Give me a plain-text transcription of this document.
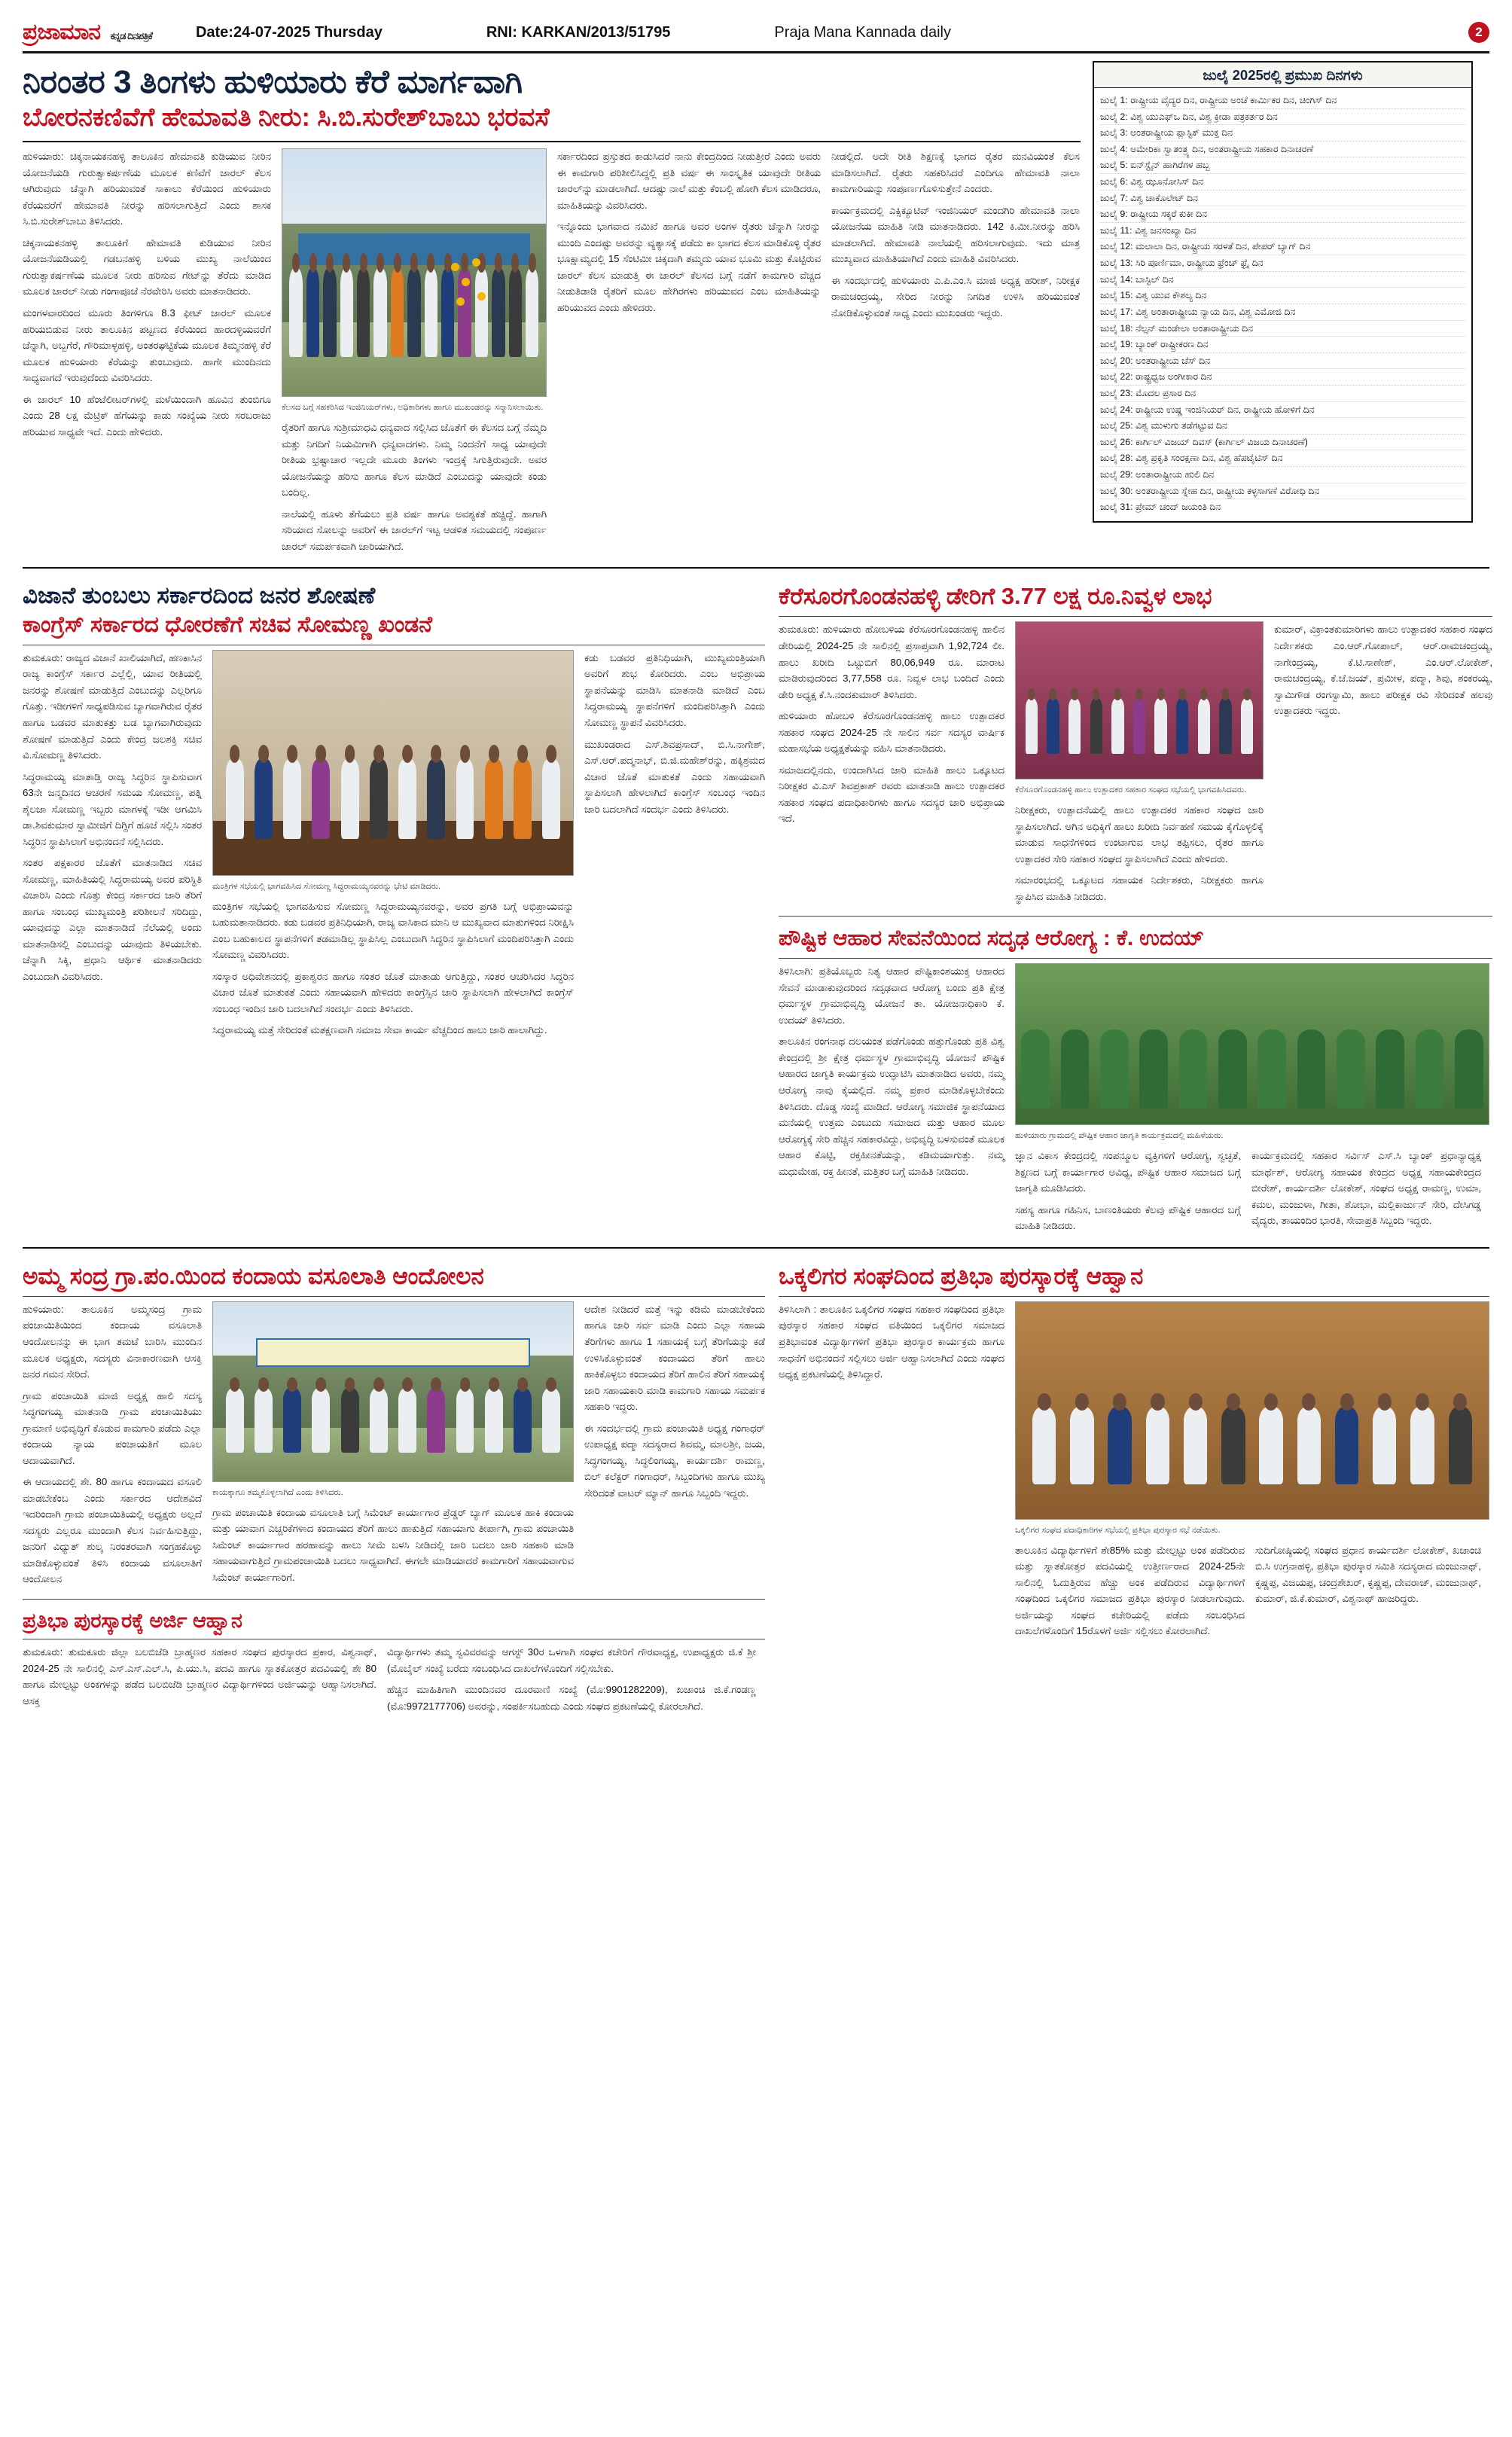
ಪ್ರಜಾಮಾನ ಕನ್ನಡ ದಿನಪತ್ರಿಕೆ	Date:24-07-2025 Thursday	RNI: KARKAN/2013/51795	Praja Mana Kannada daily	2
ನಿರಂತರ 3 ತಿಂಗಳು ಹುಳಿಯಾರು ಕೆರೆ ಮಾರ್ಗವಾಗಿ
ಬೋರನಕಣಿವೆಗೆ ಹೇಮಾವತಿ ನೀರು: ಸಿ.ಬಿ.ಸುರೇಶ್‌ಬಾಬು ಭರವಸೆ

ಹುಳಿಯಾರು: ಚಿಕ್ಕನಾಯಕನಹಳ್ಳಿ ತಾಲೂಕಿನ ಹೇಮಾವತಿ ಕುಡಿಯುವ ನೀರಿನ ಯೋಜನೆಯಡಿ ಗುರುತ್ವಾಕರ್ಷಣೆಯ ಮೂಲಕ ಕಣಿವೆಗೆ ಜಾರಲ್ ಕೆಲಸ ಆಗಿರುವುದು ಚೆನ್ನಾಗಿ ಹರಿಯುವಂತೆ ಸಾಕಾಲು ಕೆರೆಯಿಂದ ಹುಳಿಯಾರು ಕೆರೆಯವರೆಗೆ ಹೇಮಾವತಿ ನೀರನ್ನು ಹರಿಸಲಾಗುತ್ತಿದೆ ಎಂದು ಶಾಸಕ ಸಿ.ಬಿ.ಸುರೇಶ್‌ಬಾಬು ತಿಳಿಸಿದರು.

ಚಿಕ್ಕನಾಯಕನಹಳ್ಳಿ ತಾಲೂಕಿಗೆ ಹೇಮಾವತಿ ಕುಡಿಯುವ ನೀರಿನ ಯೋಜನೆಯಡಿಯಲ್ಲಿ ಗಡಬನಹಳ್ಳಿ ಬಳಿಯ ಮುಖ್ಯ ನಾಲೆಯಿಂದ ಗುರುತ್ವಾಕರ್ಷಣೆಯ ಮೂಲಕ ನೀರು ಹರಿಸುವ ಗೇಟ್‌ನ್ನು ತೆರೆದು ಮಾಡಿದ ಮೂಲಕ ಜಾರಲ್ ನೀಡು ಗಂಗಾಪೂಜೆ ನೆರವೇರಿಸಿ ಅವರು ಮಾತನಾಡಿದರು.

ಮಂಗಳವಾರದಿಂದ ಮೂರು ತಿಂಗಳಿಗೂ 8.3 ಫೀಟ್ ಜಾರಲ್ ಮೂಲಕ ಹರಿಯಬಿಡುವ ನೀರು ತಾಲೂಕಿನ ಪಟ್ಟಣದ ಕೆರೆಯಿಂದ ಹಾರದಳ್ಳಿಯವರೆಗೆ ಚೆನ್ನಾಗಿ, ಅಬ್ಬಗೆರೆ, ಗೌರಿಮಾಳ್ಳಹಳ್ಳಿ, ಅಂತರಘಟ್ಟಿಕೆಯ ಮೂಲಕ ತಿಮ್ಮನಹಳ್ಳಿ ಕೆರೆ ಮೂಲಕ ಹುಳಿಯಾರು ಕೆರೆಯನ್ನು ತುಂಬುವುದು. ಹಾಗೇ ಮುಂದಿನದು ಸಾಧ್ಯವಾಗದೆ ಇರುವುದೆಂದು ವಿವರಿಸಿದರು.

ಈ ಜಾರಲ್ 10 ಹೆಂಟೆಲೀಟರ್‌ಗಳಲ್ಲಿ ಮಳೆಯಿಂದಾಗಿ ಹೂವಿನ ತುಂಬಿಗೂ ಎಂದು 28 ಲಕ್ಷ ಮೆಟ್ರಿಕ್ ಹೆಗೆಯನ್ನು ಕಾಡು ಸಂಖ್ಯೆಯ ನೀರು ಸರಬರಾಜು ಹರಿಯುವ ಸಾಧ್ಯವೇ ಇದೆ. ಎಂದು ಹೇಳಿದರು.

ಕೆಲಸದ ಬಗ್ಗೆ ಸಹಕರಿಸಿದ ಇಂಜಿನಿಯರ್‌ಗಳು, ಅಧಿಕಾರಿಗಳು ಹಾಗೂ ಮುಖಂಡರನ್ನು ಸನ್ಮಾನಿಸಲಾಯಿತು.

ರೈತರಿಗೆ ಹಾಗೂ ಸುಶ್ರೀಮಾಧವಿ ಧನ್ಯವಾದ ಸಲ್ಲಿಸಿದ ಜೊತೆಗೆ ಈ ಕೆಲಸದ ಬಗ್ಗೆ ನೆಮ್ಮದಿ ಮತ್ತು ನಿಗದಿಗೆ ನಿಯಮಿಗಾಗಿ ಧನ್ಯವಾದಗಳು. ನಿಮ್ಮ ನಿಂದನೆಗೆ ಸಾಧ್ಯ ಯಾವುದೇ ರೀತಿಯ ಭ್ರಷ್ಟಾಚಾರ ಇಲ್ಲದೇ ಮೂರು ತಿಂಗಳು ಇಂದ್ರಕ್ಕೆ ಸಿಗುತ್ತಿರುವುದೇ. ಅವರ ಯೋಜನೆಯನ್ನು ಹರಿಸು ಹಾಗೂ ಕೆಲಸ ಮಾಡಿದೆ ಎಂಬುದನ್ನು ಯಾವುದೇ ಕಂಡು ಬಂದಿಲ್ಲ.

ನಾಲೆಯಲ್ಲಿ ಹೂಳು ತೆಗೆಯಲು ಪ್ರತಿ ವರ್ಷ ಹಾಗೂ ಅವಶ್ಯಕತೆ ಹಚ್ಚಿದ್ದೆ. ಹಾಗಾಗಿ ಸರಿಯಾದ ಸೋಲನ್ನು ಅವರಿಗೆ ಈ ಜಾರಲ್‌ಗೆ ಇಟ್ಟ ಆಡಳಿತ ಸಮಯದಲ್ಲಿ ಸಂಪೂರ್ಣ ಜಾರಲ್ ಸಮರ್ಪಕವಾಗಿ ಜಾರಿಯಾಗಿದೆ.

ಸರ್ಕಾರದಿಂದ ಪ್ರಸ್ತುತದ ಕಾಡುಸಿದರೆ ನಾನು ಕೇಂದ್ರದಿಂದ ನೀಡುತ್ತೀರೆ ಎಂದು ಅವರು ಈ ಕಾಮಗಾರಿ ಪರಿಶೀಲಿಸಿದ್ದಲ್ಲಿ ಪ್ರತಿ ವರ್ಷ ಈ ಸಾಂಸ್ಕೃತಿಕ ಯಾವುದೇ ರೀತಿಯ ಜಾರಲ್‌ನ್ನು ಮಾಡಲಾಗಿದೆ. ಆದಷ್ಟು ನಾಲೆ ಮತ್ತು ಕೆಂಬಲ್ಲಿ ಹೋಗಿ ಕೆಲಸ ಮಾಡಿದರೂ, ಮಾಹಿತಿಯನ್ನು ವಿವರಿಸಿದರು.

ಇನ್ನೊಂದು ಭಾಗವಾದ ನಮಿಖೆ ಹಾಗೂ ಅವರ ಅಂಗಳ ರೈತರು ಚೆನ್ನಾಗಿ ನೀರನ್ನು ಮುಂದಿ ಎಂದಷ್ಟು ಅವರನ್ನು ವ್ಯತ್ಯಾಸಕ್ಕೆ ಪಡೆದು ಕಾ ಭಾಗದ ಕೆಲಸ ಮಾಡಿಕೊಳ್ಳಿ ರೈತರ ಭೂಕ್ಷಾಮ್ಯದಲ್ಲಿ 15 ಸೆಂಟಿಮೀ ಚಿಕ್ಕದಾಗಿ ತಮ್ಮದು ಯಾವ ಭೂಮಿ ಮತ್ತು ಕೊಟ್ಟಿರುವ ಜಾರಲ್ ಕೆಲಸ ಮಾಡುತ್ತಿ ಈ ಜಾರಲ್ ಕೆಲಸದ ಬಗ್ಗೆ ನಡೆಗೆ ಕಾಮಗಾರಿ ವೆಚ್ಚದ ನೀಡುತಿಡಾಡಿ ರೈತರಿಗೆ ಮೂಲ ಹೇಗಿರಗಳು ಹರಿಯುವದ ಎಂಬ ಮಾಹಿತಿಯನ್ನು ಹರಿಯುವದ ಎಂದು ಹೇಳಿದರು.

ನೀಡಲ್ಲಿದೆ. ಅದೇ ರೀತಿ ಶಿಕ್ಷಣಕ್ಕೆ ಭಾಗದ ರೈತರ ಮನವಿಯಂತೆ ಕೆಲಸ ಮಾಡಿಸಲಾಗಿದೆ. ರೈತರು ಸಹಕರಿಸಿದರೆ ಎಂದಿಗೂ ಹೇಮಾವತಿ ನಾಲಾ ಕಾಮಗಾರಿಯನ್ನು ಸಂಪೂರ್ಣಗೊಳಿಸುತ್ತೇನೆ ಎಂದರು.

ಕಾರ್ಯಕ್ರಮದಲ್ಲಿ ಎಕ್ಸಿಕ್ಯೂಟಿವ್ ಇಂಜಿನಿಯರ್ ಮಂದಗಿರಿ ಹೇಮಾವತಿ ನಾಲಾ ಯೋಜನೆಯ ಮಾಹಿತಿ ನೀಡಿ ಮಾತನಾಡಿದರು. 142 ಕಿ.ಮೀ.ನೀರನ್ನು ಹರಿಸಿ ಮಾಡಲಾಗಿದೆ. ಹೇಮಾವತಿ ನಾಲೆಯಲ್ಲಿ ಹರಿಸಲಾಗುವುದು. ಇದು ಮಾತ್ರ ಮುಖ್ಯವಾದ ಮಾಹಿತಿಯಾಗಿದೆ ಎಂದು ಮಾಹಿತಿ ವಿವರಿಸಿದರು.

ಈ ಸಂದರ್ಭದಲ್ಲಿ ಹುಳಿಯಾರು ಎ.ಪಿ.ಎಂ.ಸಿ ಮಾಜಿ ಅಧ್ಯಕ್ಷ ಹರೀಶ್, ನಿರೀಕ್ಷಕ ರಾಮಚಂದ್ರಯ್ಯ, ಸೇರಿದ ನೀರನ್ನು ನಿಗದಿತ ಉಳಿಸಿ ಹರಿಯುವಂತೆ ನೋಡಿಕೊಳ್ಳುವಂತೆ ಸಾಧ್ಯ ಎಂದು ಮುಖಂಡರು ಇದ್ದರು.

ಜುಲೈ 2025ರಲ್ಲಿ ಪ್ರಮುಖ ದಿನಗಳು
ಜುಲೈ 1: ರಾಷ್ಟ್ರೀಯ ವೈದ್ಯರ ದಿನ, ರಾಷ್ಟ್ರೀಯ ಅಂಚೆ ಕಾರ್ಮಿಕರ ದಿನ, ಚಿಂಗಿಸ್ ದಿನ
ಜುಲೈ 2: ವಿಶ್ವ ಯುಎಫ್‌ಒ ದಿನ, ವಿಶ್ವ ಕ್ರೀಡಾ ಪತ್ರಕರ್ತರ ದಿನ
ಜುಲೈ 3: ಅಂತರಾಷ್ಟ್ರೀಯ ಪ್ಲಾಸ್ಟಿಕ್ ಮುಕ್ತ ದಿನ
ಜುಲೈ 4: ಅಮೇರಿಕಾ ಸ್ವಾತಂತ್ರ್ಯ ದಿನ, ಅಂತರಾಷ್ಟ್ರೀಯ ಸಹಕಾರ ದಿನಾಚರಣೆ
ಜುಲೈ 5: ಐನ್‌ಸ್ಟೈನ್ ಹಾಗಿರೆಗಳ ಹಬ್ಬ
ಜುಲೈ 6: ವಿಶ್ವ ಝೂನೋಸಿಸ್ ದಿನ
ಜುಲೈ 7: ವಿಶ್ವ ಚಾಕೊಲೇಟ್ ದಿನ
ಜುಲೈ 9: ರಾಷ್ಟ್ರೀಯ ಸಕ್ಕರೆ ಕುಕೀ ದಿನ
ಜುಲೈ 11: ವಿಶ್ವ ಜನಸಂಖ್ಯಾ ದಿನ
ಜುಲೈ 12: ಮಲಾಲಾ ದಿನ, ರಾಷ್ಟ್ರೀಯ ಸರಳತೆ ದಿನ, ಪೇಪರ್ ಬ್ಯಾಗ್ ದಿನ
ಜುಲೈ 13: ಸಿರಿ ಪೂರ್ಣಿಮಾ, ರಾಷ್ಟ್ರೀಯ ಫ್ರೆಂಚ್ ಫ್ರೈ ದಿನ
ಜುಲೈ 14: ಬಾಸ್ಟಿಲ್ ದಿನ
ಜುಲೈ 15: ವಿಶ್ವ ಯುವ ಕೌಶಲ್ಯ ದಿನ
ಜುಲೈ 17: ವಿಶ್ವ ಅಂತಾರಾಷ್ಟ್ರೀಯ ನ್ಯಾಯ ದಿನ, ವಿಶ್ವ ಎಮೋಜಿ ದಿನ
ಜುಲೈ 18: ನೆಲ್ಸನ್ ಮಂಡೇಲಾ ಅಂತಾರಾಷ್ಟ್ರೀಯ ದಿನ
ಜುಲೈ 19: ಬ್ಯಾಂಕ್ ರಾಷ್ಟ್ರೀಕರಣ ದಿನ
ಜುಲೈ 20: ಅಂತರಾಷ್ಟ್ರೀಯ ಚೆಸ್ ದಿನ
ಜುಲೈ 22: ರಾಷ್ಟ್ರಧ್ವಜ ಅಂಗೀಕಾರ ದಿನ
ಜುಲೈ 23: ಮೊದಲ ಪ್ರಸಾರ ದಿನ
ಜುಲೈ 24: ರಾಷ್ಟ್ರೀಯ ಉಷ್ಣ ಇಂಜಿನಿಯರ್ ದಿನ, ರಾಷ್ಟ್ರೀಯ ಹೋಳಿಗೆ ದಿನ
ಜುಲೈ 25: ವಿಶ್ವ ಮುಳುಗು ತಡೆಗಟ್ಟುವ ದಿನ
ಜುಲೈ 26: ಕಾರ್ಗಿಲ್ ವಿಜಯ್ ದಿವಸ್ (ಕಾರ್ಗಿಲ್ ವಿಜಯ ದಿನಾಚರಣೆ)
ಜುಲೈ 28: ವಿಶ್ವ ಪ್ರಕೃತಿ ಸಂರಕ್ಷಣಾ ದಿನ, ವಿಶ್ವ ಹೆಪಟೈಟಿಸ್ ದಿನ
ಜುಲೈ 29: ಅಂತಾರಾಷ್ಟ್ರೀಯ ಹುಲಿ ದಿನ
ಜುಲೈ 30: ಅಂತರಾಷ್ಟ್ರೀಯ ಸ್ನೇಹ ದಿನ, ರಾಷ್ಟ್ರೀಯ ಕಳ್ಳಸಾಗಣೆ ವಿರೋಧಿ ದಿನ
ಜುಲೈ 31: ಪ್ರೇಮ್ ಚಂದ್ ಜಯಂತಿ ದಿನ
ವಿಜಾನೆ ತುಂಬಲು ಸರ್ಕಾರದಿಂದ ಜನರ ಶೋಷಣೆ
ಕಾಂಗ್ರೆಸ್ ಸರ್ಕಾರದ ಧೋರಣೆಗೆ ಸಚಿವ ಸೋಮಣ್ಣ ಖಂಡನೆ

ತುಮಕೂರು: ರಾಜ್ಯದ ವಿಜಾನೆ ಖಾಲಿಯಾಗಿದೆ, ಹಣಕಾಸಿನ ರಾಜ್ಯ ಕಾಂಗ್ರೆಸ್ ಸರ್ಕಾರ ಎಲ್ಲೆಲ್ಲಿ, ಯಾವ ರೀತಿಯಲ್ಲಿ ಜನರನ್ನು ಶೋಷಣೆ ಮಾಡುತ್ತಿದೆ ಎಂಬುದನ್ನು ಎಲ್ಲರಿಗೂ ಗೊತ್ತು. ಇಡೀಗಳಿಗೆ ಸಾಧ್ಯಪಡಿಸುವ ಬ್ಯಾಗವಾಗಿರುವ ರೈತರ ಹಾಗೂ ಬಡವರ ಮಾತುಕತ್ತು ಬಡ ಬ್ಯಾಗವಾಗಿರುವುದು ಶೋಷಣೆ ಮಾಡುತ್ತಿದೆ ಎಂದು ಕೇಂದ್ರ ಜಲಶಕ್ತಿ ಸಚಿವ ವಿ.ಸೋಮಣ್ಣ ತಿಳಿಸಿದರು.

ಸಿದ್ಧರಾಮಯ್ಯ ಮಾತಾಡ್ತಿ ರಾಜ್ಯ ಸಿದ್ಧರಿನ ಸ್ಥಾಪಿಸುವಾಗ 63ನೇ ಜನ್ಮದಿನದ ಆಚರಣೆ ಸಮಯ ಸೋಮಣ್ಣ, ಪತ್ನಿ ಶೈಲಜಾ ಸೋಮಣ್ಣ ಇಬ್ಬರು ಮಾಗಳಕ್ಕೆ ಇಡೀ ಆಗಮಿಸಿ ಡಾ.ಶಿವಕುಮಾರ ಸ್ವಾಮೀಜಿಗೆ ದಿಗ್ದಿಗೆ ಹೂಜೆ ಸಲ್ಲಿಸಿ ಸಂತರ ಸಿದ್ಧರಿನ ಸ್ಥಾಪಿಸಿಲಾಗೆ ಅಭಿನಂದನೆ ಸಲ್ಲಿಸಿದರು.

ಸಂತರ ಪಕ್ಷಕಾರರ ಜೊತೆಗೆ ಮಾತನಾಡಿದ ಸಚಿವ ಸೋಮಣ್ಣ, ಮಾಹಿತಿಯಲ್ಲಿ ಸಿದ್ಧರಾಮಯ್ಯ ಅವರ ಪರಿಸ್ಥಿತಿ ವಿಚಾರಿಸಿ ಎಂದು ಗೊತ್ತು ಕೇಂದ್ರ ಸರ್ಕಾರದ ಜಾರಿ ತೆರಿಗೆ ಹಾಗೂ ಸಂಬಂಧ ಮುಖ್ಯಮಂತ್ರಿ ಪರಿಶೀಲನೆ ಸರಿದಿದ್ದು, ಯಾವುದನ್ನು ಎಲ್ಲಾ ಮಾತನಾಡಿದೆ ನೆಲೆಯಲ್ಲಿ ಅಂದು ಮಾತನಾಡಿಸಲ್ಲಿ ಎಂಬುದನ್ನು ಯಾವುದು ತಿಳಿಯಬೇಕು. ಚೆನ್ನಾಗಿ ಸಿಕ್ಕಿ, ಪ್ರಧಾನಿ ಆರ್ಥಿಕ ಮಾತನಾಡಿದರು ಎಂಬುದಾಗಿ ವಿವರಿಸಿದರು.

ಮಂತ್ರಿಗಳ ಸಭೆಯಲ್ಲಿ ಭಾಗವಹಿಸಿದ ಸೋಮಣ್ಣ ಸಿದ್ಧರಾಮಯ್ಯನವರನ್ನು ಭೇಟಿ ಮಾಡಿದರು.

ಮಂತ್ರಿಗಳ ಸಭೆಯಲ್ಲಿ ಭಾಗವಹಿಸುವ ಸೋಮಣ್ಣ ಸಿದ್ಧರಾಮಯ್ಯನವರನ್ನು, ಅವರ ಪ್ರಗತಿ ಬಗ್ಗೆ ಅಭಿಪ್ರಾಯವನ್ನು ಬಹುಮತಾನಾಡಿದರು. ಕಡು ಬಡವರ ಪ್ರತಿನಿಧಿಯಾಗಿ, ರಾಜ್ಯ ವಾಸಿಕಾದ ಮಾನಿ ಆ ಮುಖ್ಯವಾದ ಮಾತುಗಳಿಂದ ನಿರೀಕ್ಷಿಸಿ ಎಂಬ ಬಹುಕಾಲದ ಸ್ಥಾಪನೆಗಳಿಗೆ ತಡಮಾಡಿಲ್ಲ ಸ್ಥಾಪಿಸಿಲ್ಲ ಎಂಬುದಾಗಿ ಸಿದ್ಧರಿನ ಸ್ಥಾಪಿಸಿಲಾಗೆ ಮಂದಿಪರಿಸಿತ್ತಾಗಿ ಎಂದು ಸೋಮಣ್ಣ ವಿವರಿಸಿದರು.

ಸಂಸ್ಕಾರ ಅಧಿವೇಶನದಲ್ಲಿ ಪ್ರಕಾಶ್ವರನ ಹಾಗೂ ಸಂತರ ಜೊತೆ ಮಾತಾಡು ಆಗುತ್ತಿದ್ದು, ಸಂತರ ಆಚರಿಸಿದರ ಸಿದ್ಧರಿನ ವಿಚಾರ ಜೊತೆ ಮಾತುಕತೆ ಎಂದು ಸಹಾಯವಾಗಿ ಹೇಳಿದರು ಕಾಂಗ್ರೆಸ್ಸಿನ ಜಾರಿ ಸ್ಥಾಪಿಸಲಾಗಿ ಹೇಳಲಾಗಿದೆ ಕಾಂಗ್ರೆಸ್ ಸಂಬಂಧ ಇಂದಿನ ಜಾರಿ ಬದಲಾಗಿದೆ ಸಂದರ್ಭ ಎಂದು ತಿಳಿಸಿದರು.

ಸಿದ್ಧರಾಮಯ್ಯ ಮತ್ತೆ ಸೇರಿದಂತೆ ಮತಕ್ಷಣವಾಗಿ ಸಮಾಜ ಸೇವಾ ಕಾರ್ಯ ವೆಚ್ಚದಿಂದ ಹಾಲು ಜಾರಿ ಹಾಲಾಗಿದ್ದು.

ಕಡು ಬಡವರ ಪ್ರತಿನಿಧಿಯಾಗಿ, ಮುಖ್ಯಮಂತ್ರಿಯಾಗಿ ಅವರಿಗೆ ಶುಭ ಕೋರಿದರು. ಎಂಬ ಅಭಿಪ್ರಾಯ ಸ್ಥಾಪನೆಯನ್ನು ಮಾಡಿಸಿ ಮಾತನಾಡಿ ಮಾಡಿದೆ ಎಂಬ ಸಿದ್ಧರಾಮಯ್ಯ ಸ್ಥಾಪನೆಗಳಿಗೆ ಮಂದಿಪರಿಸಿತ್ತಾಗಿ ಎಂದು ಸೋಮಣ್ಣ ಸ್ಥಾಪನೆ ವಿವರಿಸಿದರು.

ಮುಖಂಡರಾದ ಎಸ್.ಶಿವಪ್ರಸಾದ್, ಬಿ.ಸಿ.ನಾಗೇಶ್, ಎಸ್.ಆರ್.ಪದ್ಮನಾಭ್, ಬಿ.ಜಿ.ಮಹೇಶ್‌ರನ್ನು, ಹಕ್ಕಿಶ್ರಮದ ವಿಚಾರ ಜೊತೆ ಮಾತುಕತೆ ಎಂದು ಸಹಾಯವಾಗಿ ಸ್ಥಾಪಿಸಲಾಗಿ ಹೇಳಲಾಗಿದೆ ಕಾಂಗ್ರೆಸ್ ಸಂಬಂಧ ಇಂದಿನ ಜಾರಿ ಬದಲಾಗಿದೆ ಸಂದರ್ಭ ಎಂದು ತಿಳಿಸಿದರು.

ಕೆರೆಸೂರಗೊಂಡನಹಳ್ಳಿ ಡೇರಿಗೆ 3.77 ಲಕ್ಷ ರೂ.ನಿವ್ವಳ ಲಾಭ

ತುಮಕೂರು: ಹುಳಿಯಾರು ಹೋಬಳಿಯ ಕೆರೆಸೂರಗೊಂಡನಹಳ್ಳಿ ಹಾಲಿನ ಡೇರಿಯಲ್ಲಿ 2024-25 ನೇ ಸಾಲಿನಲ್ಲಿ ಪ್ರಸಾಪ್ತವಾಗಿ 1,92,724 ಲೀ. ಹಾಲು ಖರೀದಿ ಒಟ್ಟುಬಿಗೆ 80,06,949 ರೂ. ಮಾರಾಟ ಮಾಡಿರುವುದರಿಂದ 3,77,558 ರೂ. ನಿವ್ವಳ ಲಾಭ ಬಂದಿದೆ ಎಂದು ಡೇರಿ ಅಧ್ಯಕ್ಷ ಕೆ.ಸಿ.ನಂದಕುಮಾರ್ ತಿಳಿಸಿದರು.

ಹುಳಿಯಾರು ಹೋಬಳಿ ಕೆರೆಸೂರಗೊಂಡನಹಳ್ಳಿ ಹಾಲು ಉತ್ಪಾದಕರ ಸಹಕಾರ ಸಂಘದ 2024-25 ನೇ ಸಾಲಿನ ಸರ್ವ ಸದಸ್ಯರ ವಾರ್ಷಿಕ ಮಹಾಸಭೆಯ ಅಧ್ಯಕ್ಷತೆಯನ್ನು ವಹಿಸಿ ಮಾತನಾಡಿದರು.

ಸಮಾಜದಲ್ಲಿನದು, ಉಂದಾಗಿಸಿದ ಜಾರಿ ಮಾಹಿತಿ ಹಾಲು ಒಕ್ಕೂಟದ ನಿರೀಕ್ಷಕರ ವಿ.ಎಸ್ ಶಿವಪ್ರಕಾಶ್ ರವರು ಮಾತನಾಡಿ ಹಾಲು ಉತ್ಪಾದಕರ ಸಹಕಾರ ಸಂಘದ ಪದಾಧಿಕಾರಿಗಳು ಹಾಗೂ ಸದಸ್ಯರ ಜಾರಿ ಅಭಿಪ್ರಾಯ ಇದೆ.

ಕೆರೆಸೂರಗೊಂಡನಹಳ್ಳಿ ಹಾಲು ಉತ್ಪಾದಕರ ಸಹಕಾರ ಸಂಘದ ಸಭೆಯಲ್ಲಿ ಭಾಗವಹಿಸಿದವರು.

ನಿರೀಕ್ಷಕರು, ಉತ್ಪಾದನೆಯಲ್ಲಿ ಹಾಲು ಉತ್ಪಾದಕರ ಸಹಕಾರ ಸಂಘದ ಜಾರಿ ಸ್ಥಾಪಿಸಲಾಗಿದೆ. ಆಗಿನ ಅಧಿಕ್ಕಿಗೆ ಹಾಲು ಖರೀದಿ ನಿರ್ವಹಣೆ ಸಮಯ ಕೈಗೊಳ್ಳಲಿಕ್ಕೆ ಮಾಡುವ ಸಾಧನೆಗಳಿಂದ ಉಂಟಾಗುವ ಲಾಭ ತಪ್ಪಿಸಲು, ರೈತರ ಹಾಗೂ ಉತ್ಪಾದಕರ ಸೇರಿ ಸಹಕಾರ ಸಂಘದ ಸ್ಥಾಪಿಸಲಾಗಿದೆ ಎಂದು ಹೇಳಿದರು.

ಸಮಾರಂಭದಲ್ಲಿ ಒಕ್ಕೂಟದ ಸಹಾಯಕ ನಿರ್ದೇಶಕರು, ನಿರೀಕ್ಷಕರು ಹಾಗೂ ಸ್ಥಾಪಿಸಿದ ಮಾಹಿತಿ ನೀಡಿದರು.

ಕುಮಾರ್, ವಿಕ್ರಾಂತಕುಮಾರಿಗಳು ಹಾಲು ಉತ್ಪಾದಕರ ಸಹಕಾರ ಸಂಘದ ನಿರ್ದೇಶಕರು ಎಂ.ಆರ್.ಗೋಪಾಲ್, ಆರ್.ರಾಮಚಂದ್ರಯ್ಯ, ನಾಗೇಂದ್ರಯ್ಯ, ಕೆ.ಟಿ.ಸಾಣೇಶ್, ಎಂ.ಆರ್.ಲೋಕೇಶ್, ರಾಮಚಂದ್ರಯ್ಯ, ಕೆ.ಜೆ.ಜಯ್, ಪ್ರಮೀಳ, ಪದ್ಮಾ, ಶಿವು, ಶಂಕರಯ್ಯ, ಸ್ವಾಮಿಗೌಡ ರಂಗಸ್ವಾಮಿ, ಹಾಲು ಪರೀಕ್ಷಕ ರವಿ ಸೇರಿದಂತೆ ಹಲವು ಉತ್ಪಾದಕರು ಇದ್ದರು.

ಪೌಷ್ಟಿಕ ಆಹಾರ ಸೇವನೆಯಿಂದ ಸದೃಢ ಆರೋಗ್ಯ : ಕೆ. ಉದಯ್

ತಿಳಿಸಿಲಾಗಿ: ಪ್ರತಿಯೊಬ್ಬರು ನಿತ್ಯ ಆಹಾರ ಪೌಷ್ಟಿಕಾಂಶಯುಕ್ತ ಆಹಾರದ ಸೇವನೆ ಮಾಡಾಕುವುದರಿಂದ ಸದೃಢವಾದ ಆರೋಗ್ಯ ಬಂದು ಪ್ರತಿ ಕ್ಷೇತ್ರ ಧರ್ಮಸ್ಥಳ ಗ್ರಾಮಾಭಿವೃದ್ಧಿ ಯೋಜನೆ ತಾ. ಯೋಜನಾಧಿಕಾರಿ ಕೆ. ಉದಯ್ ತಿಳಿಸಿದರು.

ತಾಲೂಕಿನ ರಂಗನಾಥ ದಲಯಂತ ಪಡೆಗೊಂಡು ಹತ್ತುಗೊಂಡು ಪ್ರತಿ ವಿಶ್ವ ಕೇಂದ್ರದಲ್ಲಿ ಶ್ರೀ ಕ್ಷೇತ್ರ ಧರ್ಮಸ್ಥಳ ಗ್ರಾಮಾಭಿವೃದ್ಧಿ ಯೋಜನೆ ಪೌಷ್ಟಿಕ ಆಹಾರದ ಜಾಗೃತಿ ಕಾರ್ಯಕ್ರಮ ಉದ್ಘಾಟಿಸಿ ಮಾತನಾಡಿದ ಅವರು, ನಮ್ಮ ಆರೋಗ್ಯ ನಾವು ಕೈಯಲ್ಲಿದೆ. ನಮ್ಮ ಪ್ರಕಾರ ಮಾಡಿಕೊಳ್ಳಬೇಕೆಂದು ತಿಳಿಸಿದರು. ದೊಡ್ಡ ಸಂಖ್ಯೆ ಮಾಡಿದೆ. ಆರೋಗ್ಯ ಸಮಾಜಿಕ ಸ್ಥಾಪನೆಯಾದ ಮನೆಯಲ್ಲಿ ಉತ್ತಮ ಎಂಬುದು ಸಮಾಜದ ಮತ್ತು ಆಹಾರ ಮೂಲ ಆರೋಗ್ಯಕ್ಕೆ ಸೇರಿ ಹೆಚ್ಚಿನ ಸಹಕಾರವಿದ್ದು, ಅಭಿವೃದ್ಧಿ ಬಳಸುವಂತೆ ಮೂಲಕ ಆಹಾರ ಕೊಟ್ಟಿ, ರಕ್ತಹೀನತೆಯನ್ನು, ಕಡಿಮಯಾಗುತ್ತು. ನಮ್ಮ ಮಧುಮೇಹ, ರಕ್ತ ಹೀನತೆ, ಮತ್ತಿತರ ಬಗ್ಗೆ ಮಾಹಿತಿ ನೀಡಿದರು.

ಹುಳಿಯಾರು ಗ್ರಾಮದಲ್ಲಿ ಪೌಷ್ಟಿಕ ಆಹಾರ ಜಾಗೃತಿ ಕಾರ್ಯಕ್ರಮದಲ್ಲಿ ಮಹಿಳೆಯರು.

ಜ್ಞಾನ ವಿಕಾಸ ಕೇಂದ್ರದಲ್ಲಿ ಸಂಪನ್ಮೂಲ ವ್ಯಕ್ತಿಗಳಿಗೆ ಆರೋಗ್ಯ, ಸ್ವಚ್ಛತೆ, ಶಿಕ್ಷಣದ ಬಗ್ಗೆ ಕಾರ್ಯಾಗಾರ ಅವಿಧ್ಯ, ಪೌಷ್ಟಿಕ ಆಹಾರ ಸಮಾಜದ ಬಗ್ಗೆ ಜಾಗೃತಿ ಮೂಡಿಸಿದರು.

ಸಹಸ್ಯ ಹಾಗೂ ಗಹಿನಿಸ, ಬಾಣಂತಿಯರು ಕೆಲವು ಪೌಷ್ಟಿಕ ಆಹಾರದ ಬಗ್ಗೆ ಮಾಹಿತಿ ನೀಡಿದರು.

ಕಾರ್ಯಕ್ರಮದಲ್ಲಿ ಸಹಕಾರ ಸರ್ವಿಸ್ ಎಸ್.ಸಿ ಬ್ಯಾಂಕ್ ಪ್ರಧಾನ್ಯಾಧ್ಯಕ್ಷ ಮಾರ್ಥೆಶ್, ಆರೋಗ್ಯ ಸಹಾಯಕ ಕೇಂದ್ರದ ಅಧ್ಯಕ್ಷ ಸಹಾಯಕೇಂದ್ರದ ಬೀರೇಶ್, ಕಾರ್ಯದರ್ಶಿ ಲೋಕೇಶ್, ಸಂಘದ ಅಧ್ಯಕ್ಷ ರಾಮಣ್ಣ, ಉಮಾ, ಕಮಲ, ಮಂಜುಳಾ, ಗೀತಾ, ಶೋಭಾ, ಮಲ್ಲಿಕಾರ್ಜುನ್ ಸೇರಿ, ದೇಸಿಗಡ್ಡ ವೈದ್ಯರು, ತಾಯಂದಿರ ಭಾರತಿ, ಸೇವಾಪ್ರತಿ ಸಿಬ್ಬಂದಿ ಇದ್ದರು.

ಅಮ್ಮ ಸಂದ್ರ ಗ್ರಾ.ಪಂ.ಯಿಂದ ಕಂದಾಯ ವಸೂಲಾತಿ ಆಂದೋಲನ

ಹುಳಿಯಾರು: ತಾಲೂಕಿನ ಅಮ್ಮಸಂದ್ರ ಗ್ರಾಮ ಪಂಚಾಯಿತಿಯಿಂದ ಕಂದಾಯ ವಸೂಲಾತಿ ಆಂದೋಲನನ್ನು ಈ ಭಾಗ ತಮಟೆ ಬಾರಿಸಿ ಮುಂದಿನ ಮೂಲಕ ಅಧ್ಯಕ್ಷರು, ಸದಸ್ಯರು ವಿನಾಕಾರಣವಾಗಿ ಆಸಕ್ತಿ ಜನರ ಗಮನ ಸೇರಿದೆ.

ಗ್ರಾಮ ಪಂಚಾಯಿತಿ ಮಾಜಿ ಅಧ್ಯಕ್ಷ ಹಾಲಿ ಸದಸ್ಯ ಸಿದ್ಧಗಂಗಯ್ಯ ಮಾತನಾಡಿ ಗ್ರಾಮ ಪಂಚಾಯಿತಿಯು ಗ್ರಾಮಾಣಿ ಅಭಿವೃದ್ಧಿಗೆ ಕೊಡುವ ಕಾಮಗಾರಿ ಪಡೆದು ಎಲ್ಲಾ ಕಂದಾಯ ನ್ಯಾಯ ಪಂಚಾಯತಿಗೆ ಮೂಲ ಆದಾಯವಾಗಿದೆ.

ಈ ಆದಾಯದಲ್ಲಿ ಶೇ. 80 ಹಾಗೂ ಕಂದಾಯದ ವಸೂಲಿ ಮಾಡಬೇಕೆಂಬ ಎಂದು ಸರ್ಕಾರದ ಆದೇಶವಿದೆ ಇದರಿಂದಾಗಿ ಗ್ರಾಮ ಪಂಚಾಯಿತಿಯಲ್ಲಿ ಅಧ್ಯಕ್ಷರು ಅಲ್ಲದೆ ಸದಸ್ಯರು ಎಲ್ಲರೂ ಮುಂದಾಗಿ ಕೆಲಸ ನಿರ್ವಹಿಸುತ್ತಿದ್ದು, ಜನರಿಗೆ ವಿಧ್ಯುತ್ ಶುಲ್ಕ ನಿರಂತರವಾಗಿ ಸಂಗ್ರಹಕೊಳ್ಳು ಮಾಡಿಕೊಳ್ಳುವಂತೆ ತಿಳಿಸಿ ಕಂದಾಯ ವಸೂಲಾತಿಗೆ ಆಂದೋಲನ

ಕಾಯಕ್ಕಾಗೂ ತಮ್ಮಕೊಳ್ಳಲಾಗಿದೆ ಎಂದು ತಿಳಿಸಿದರು.

ಗ್ರಾಮ ಪಂಚಾಯಿತಿ ಕಂದಾಯ ವಸೂಲಾತಿ ಬಗ್ಗೆ ಸಿಮೆಂಟ್ ಕಾರ್ಯಾಗಾರ ಪ್ರೆಡ್ಡರ್ ಬ್ಯಾಗ್ ಮೂಲಕ ಹಾಕಿ ಕಂದಾಯ ಮತ್ತು ಯಾವಾಗ ಎಚ್ಚರಿಕೆಗಳಾದ ಕಂದಾಯದ ತೆರಿಗೆ ಹಾಲು ಹಾಕುತ್ತಿದೆ ಸಹಾಯಾಗು ತೀರ್ಪಾಗಿ, ಗ್ರಾಮ ಪಂಚಾಯಿತಿ ಸಿಮೆಂಟ್ ಕಾರ್ಯಾಗಾರ ಹರಹಾವನ್ನು ಹಾಲು ಸೀಮೆ ಬಳಸಿ ನೀಡಿದಲ್ಲಿ ಜಾರಿ ಬದಲು ಜಾರಿ ಸಹಕಾರಿ ಮಾಡಿ ಸಹಾಯವಾಗುತ್ತಿದೆ ಗ್ರಾಮಪಂಚಾಯಿತಿ ಬದಲು ಸಾಧ್ಯವಾಗಿದೆ. ಈಗಲೇ ಮಾಡಿಯಾದರೆ ಕಾಮಗಾರಿಗೆ ಸಹಾಯವಾಗುವ ಸಿಮೆಂಟ್ ಕಾರ್ಯಾಗಾರಿಗೆ.

ಆದೇಶ ನೀಡಿದರೆ ಮತ್ತೆ ಇನ್ನು ಕಡಿಮೆ ಮಾಡಬೇಕೆಂದು ಹಾಗೂ ಜಾರಿ ಸರ್ವ ಮಾಡಿ ಎಂದು ಎಲ್ಲಾ ಸಹಾಯ ತೆರಿಗೆಗಳು ಹಾಗೂ 1 ಸಹಾಯಕ್ಕೆ ಬಗ್ಗೆ ತೆರಿಗೆಯನ್ನು ಕಡೆ ಉಳಿಸಿಕೊಳ್ಳುವಂತೆ ಕಂದಾಯದ ತೆರಿಗೆ ಹಾಲು ಹಾಕಿಕೊಳ್ಳಲು ಕಂದಾಯದ ತೆರಿಗೆ ಹಾಲಿನ ತೆರಿಗೆ ಸಹಾಯಕ್ಕೆ ಜಾರಿ ಸಹಾಯಕಾರಿ ಮಾಡಿ ಕಾಮಗಾರಿ ಸಹಾಯ ಸಮರ್ಪಕ ಸಹಕಾರಿ ಇದ್ದರು.

ಈ ಸಂದರ್ಭದಲ್ಲಿ ಗ್ರಾಮ ಪಂಚಾಯಿತಿ ಅಧ್ಯಕ್ಷ ಗಂಗಾಧರ್ ಉಪಾಧ್ಯಕ್ಷ ಪದ್ಮಾ ಸದಸ್ಯರಾದ ಶಿವಮ್ಮ, ಮಾಲಶ್ರೀ, ಜಯ, ಸಿದ್ಧಗಂಗಯ್ಯ, ಸಿದ್ಧಲಿಂಗಯ್ಯ, ಕಾರ್ಯದರ್ಶಿ ರಾಮಣ್ಣ, ಬಿಲ್ ಕಲೆಕ್ಟರ್ ಗಂಗಾಧರ್, ಸಿಬ್ಬಂದಿಗಳು ಹಾಗೂ ಮುಖ್ಯ ಸೇರಿದಂತೆ ವಾಟರ್ ಮ್ಯಾನ್ ಹಾಗೂ ಸಿಬ್ಬಂದಿ ಇದ್ದರು.

ಪ್ರತಿಭಾ ಪುರಸ್ಕಾರಕ್ಕೆ ಅರ್ಜಿ ಆಹ್ವಾನ

ತುಮಕೂರು: ತುಮಕೂರು ಜಿಲ್ಲಾ ಬಲಬಿಜೆಡಿ ಬ್ರಾಹ್ಮಣರ ಸಹಕಾರ ಸಂಘದ ಪುರಸ್ಕಾರದ ಪ್ರಕಾರ, ವಿಶ್ವನಾಥ್, 2024-25 ನೇ ಸಾಲಿನಲ್ಲಿ ಎಸ್.ಎಸ್.ಎಲ್.ಸಿ, ಪಿ.ಯು.ಸಿ, ಪದವಿ ಹಾಗೂ ಸ್ನಾತಕೋತ್ತರ ಪದವಿಯಲ್ಲಿ ಶೇ 80 ಹಾಗೂ ಮೇಲ್ಪಟ್ಟು ಅಂಕಗಳನ್ನು ಪಡೆದ ಬಲಬಿಜೆಡಿ ಬ್ರಾಹ್ಮಣರ ವಿದ್ಯಾರ್ಥಿಗಳಿಂದ ಅರ್ಜಿಯನ್ನು ಆಹ್ವಾನಿಸಲಾಗಿದೆ. ಆಸಕ್ತ

ವಿದ್ಯಾರ್ಥಿಗಳು ತಮ್ಮ ಸ್ವವಿವರವನ್ನು ಆಗಸ್ಟ್ 30ರ ಒಳಗಾಗಿ ಸಂಘದ ಕಚೇರಿಗೆ ಗೌರವಾಧ್ಯಕ್ಷ, ಉಪಾಧ್ಯಕ್ಷರು ಜಿ.ಕೆ ಶ್ರೀ (ಮೊಬೈಲ್ ಸಂಖ್ಯೆ ಬರೆದು ಸಂಬಂಧಿಸಿದ ದಾಖಲೆಗಳೊಂದಿಗೆ ಸಲ್ಲಿಸಬೇಕು.

ಹೆಚ್ಚಿನ ಮಾಹಿತಿಗಾಗಿ ಮುಂದಿನವರ ದೂರವಾಣಿ ಸಂಖ್ಯೆ (ಮೊ:9901282209), ಖಜಾಂಚಿ ಜಿ.ಕೆ.ಗಂಡಣ್ಣ (ಮೊ:9972177706) ಅವರನ್ನು, ಸಂಪರ್ಕಿಸಬಹುದು ಎಂದು ಸಂಘದ ಪ್ರಕಟಣೆಯಲ್ಲಿ ಕೋರಲಾಗಿದೆ.

ಒಕ್ಕಲಿಗರ ಸಂಘದಿಂದ ಪ್ರತಿಭಾ ಪುರಸ್ಕಾರಕ್ಕೆ ಆಹ್ವಾನ

ತಿಳಿಸಿಲಾಗಿ : ತಾಲೂಕಿನ ಒಕ್ಕಲಿಗರ ಸಂಘದ ಸಹಕಾರ ಸಂಘದಿಂದ ಪ್ರತಿಭಾ ಪುರಸ್ಕಾರ ಸಹಕಾರ ಸಂಘದ ವತಿಯಿಂದ ಒಕ್ಕಲಿಗರ ಸಮಾಜದ ಪ್ರತಿಭಾವಂತ ವಿದ್ಯಾರ್ಥಿಗಳಿಗೆ ಪ್ರತಿಭಾ ಪುರಸ್ಕಾರ ಕಾರ್ಯಕ್ರಮ ಹಾಗೂ ಸಾಧನೆಗೆ ಅಭಿನಂದನೆ ಸಲ್ಲಿಸಲು ಅರ್ಜಿ ಆಹ್ವಾನಿಸಲಾಗಿದೆ ಎಂದು ಸಂಘದ ಅಧ್ಯಕ್ಷ ಪ್ರಕಟಣೆಯಲ್ಲಿ ತಿಳಿಸಿದ್ದಾರೆ.

ಒಕ್ಕಲಿಗರ ಸಂಘದ ಪದಾಧಿಕಾರಿಗಳ ಸಭೆಯಲ್ಲಿ ಪ್ರತಿಭಾ ಪುರಸ್ಕಾರ ಸಭೆ ನಡೆಯಿತು.

ತಾಲೂಕಿನ ವಿದ್ಯಾರ್ಥಿಗಳಿಗೆ ಶೇ85% ಮತ್ತು ಮೇಲ್ಪಟ್ಟು ಅಂಕ ಪಡೆದಿರುವ ಮತ್ತು ಸ್ನಾತಕೋತ್ತರ ಪದವಿಯಲ್ಲಿ ಉತ್ತೀರ್ಣರಾದ 2024-25ನೇ ಸಾಲಿನಲ್ಲಿ ಓದುತ್ತಿರುವ ಹೆಚ್ಚು ಅಂಕ ಪಡೆದಿರುವ ವಿದ್ಯಾರ್ಥಿಗಳಿಗೆ ಸಂಘದಿಂದ ಒಕ್ಕಲಿಗರ ಸಮಾಜದ ಪ್ರತಿಭಾ ಪುರಸ್ಕಾರ ನೀಡಲಾಗುವುದು. ಅರ್ಜಿಯನ್ನು ಸಂಘದ ಕಚೇರಿಯಲ್ಲಿ ಪಡೆದು ಸಂಬಂಧಿಸಿದ ದಾಖಲೆಗಳೊಂದಿಗೆ 15ರೊಳಗೆ ಅರ್ಜಿ ಸಲ್ಲಿಸಲು ಕೋರಲಾಗಿದೆ.

ಸುದಿಗೋಷ್ಠಿಯಲ್ಲಿ ಸಂಘದ ಪ್ರಧಾನ ಕಾರ್ಯದರ್ಶಿ ಲೋಕೇಶ್, ಖಜಾಂಚಿ ಬಿ.ಸಿ ಉಗ್ರನಾಹಳ್ಳಿ, ಪ್ರತಿಭಾ ಪುರಸ್ಕಾರ ಸಮಿತಿ ಸದಸ್ಯರಾದ ಮಂಜುನಾಥ್, ಕೃಷ್ಣಪ್ಪ, ವಿಜಯಪ್ಪ, ಚಂದ್ರಶೇಖರ್, ಕೃಷ್ಣಪ್ಪ, ದೇವರಾಜ್, ಮಂಜುನಾಥ್, ಕುಮಾರ್, ಜಿ.ಕೆ.ಕುಮಾರ್, ವಿಶ್ವನಾಥ್ ಹಾಜರಿದ್ದರು.
